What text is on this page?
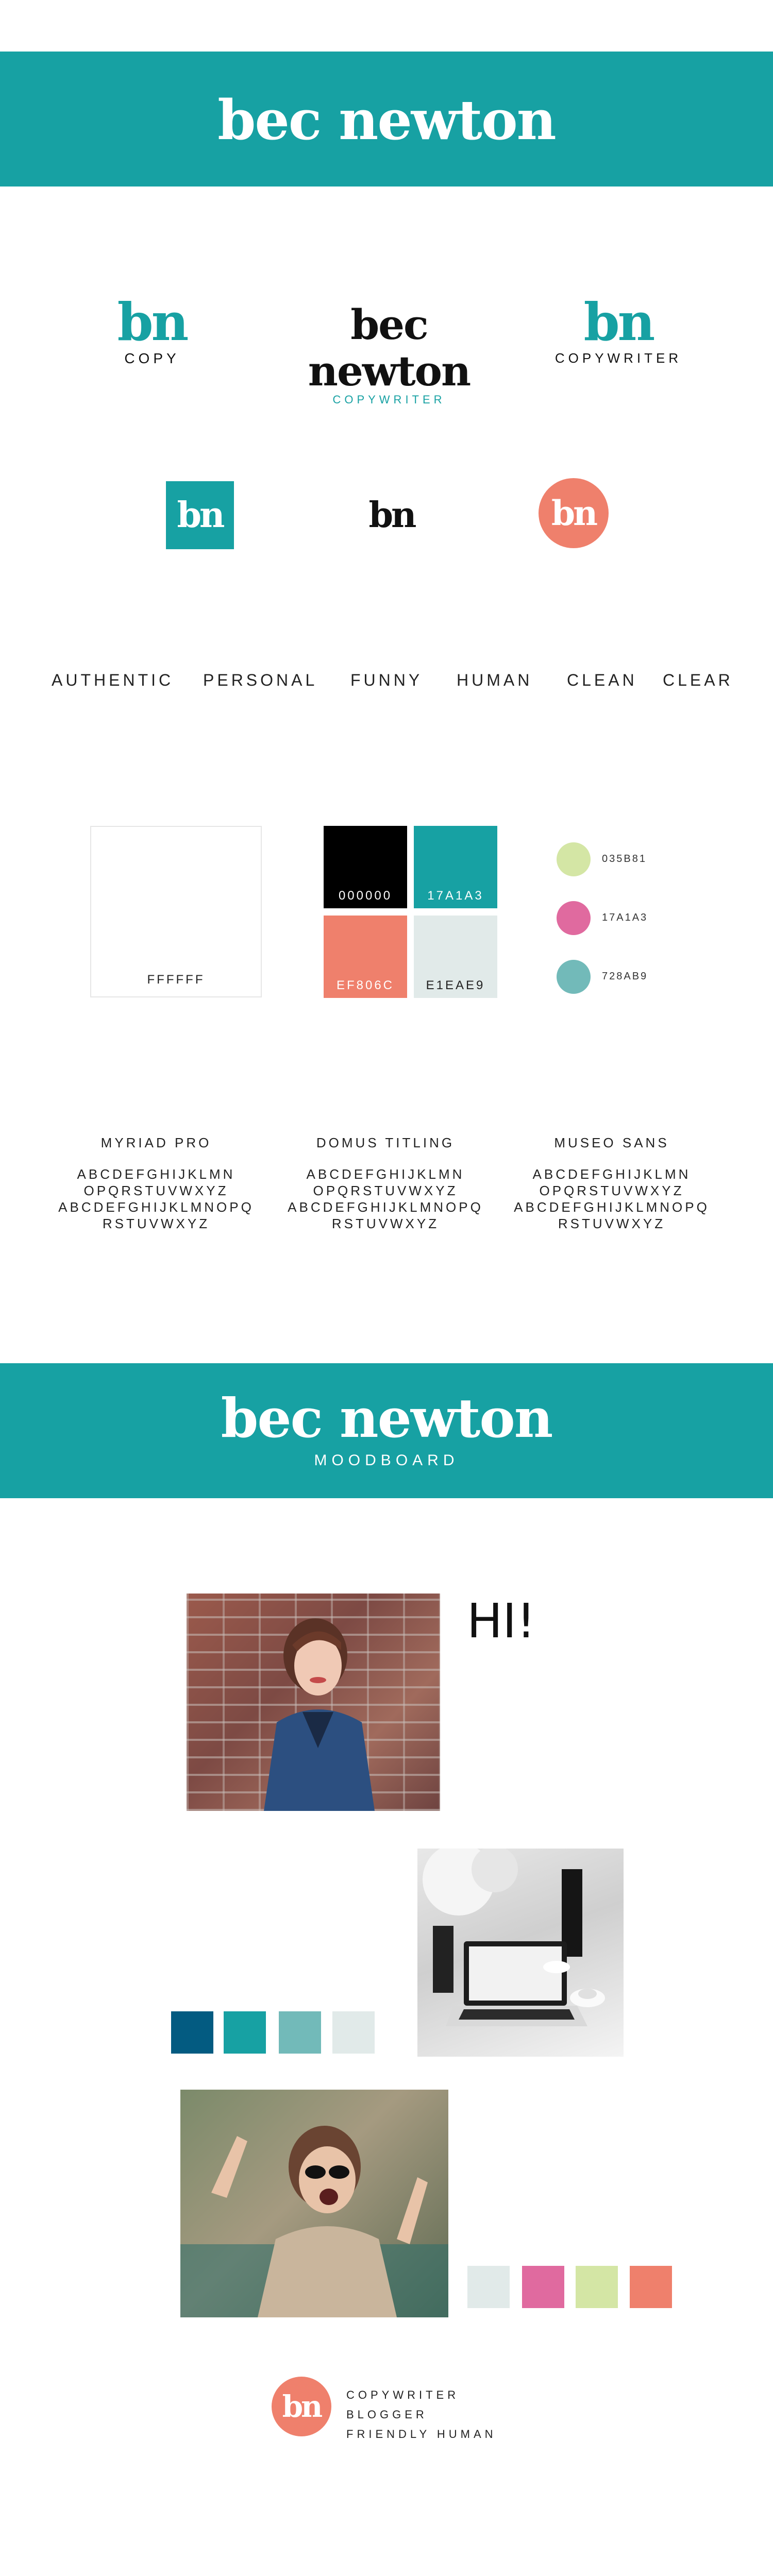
bec newton
bn
COPY
bec newton
COPYWRITER
bn
COPYWRITER
bn	bn	bn
AUTHENTIC PERSONAL FUNNY HUMAN CLEAN CLEAR
FFFFFF
000000	17A1A3
EF806C	E1EAE9
035B81
17A1A3
728AB9
MYRIAD PRO
ABCDEFGHIJKLMN
OPQRSTUVWXYZ
ABCDEFGHIJKLMNOPQ
RSTUVWXYZ
DOMUS TITLING
ABCDEFGHIJKLMN
OPQRSTUVWXYZ
ABCDEFGHIJKLMNOPQ
RSTUVWXYZ
MUSEO SANS
ABCDEFGHIJKLMN
OPQRSTUVWXYZ
ABCDEFGHIJKLMNOPQ
RSTUVWXYZ
bec newton
MOODBOARD
HI!
bn COPYWRITER
BLOGGER
FRIENDLY HUMAN
